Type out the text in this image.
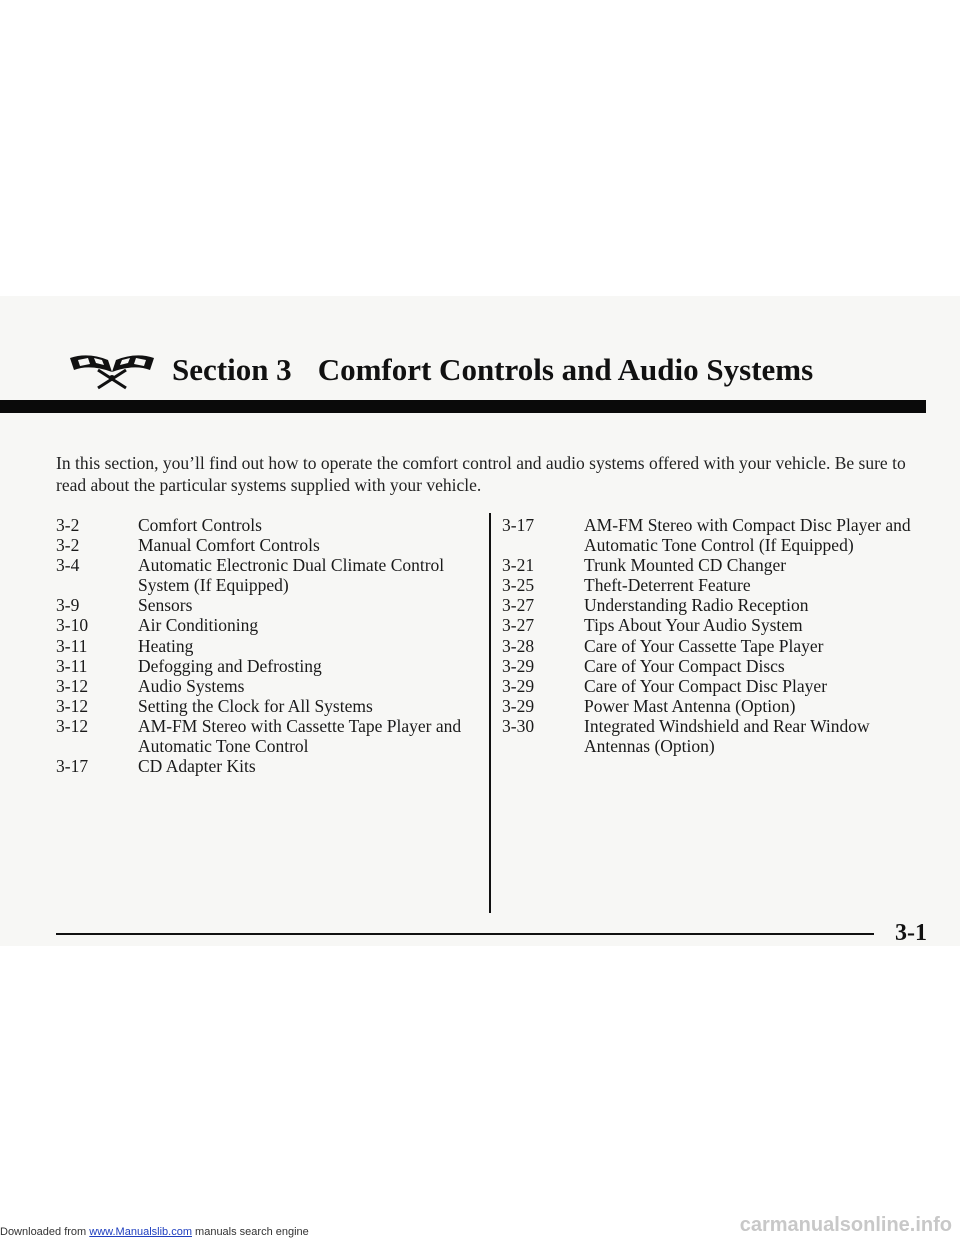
Section 3 Comfort Controls and Audio Systems
In this section, you’ll find out how to operate the comfort control and audio systems offered with your vehicle. Be sure to read about the particular systems supplied with your vehicle.
3-2	Comfort Controls
3-2	Manual Comfort Controls
3-4	Automatic Electronic Dual Climate Control
System (If Equipped)
3-9	Sensors
3-10	Air Conditioning
3-11	Heating
3-11	Defogging and Defrosting
3-12	Audio Systems
3-12	Setting the Clock for All Systems
3-12	AM-FM Stereo with Cassette Tape Player and
Automatic Tone Control
3-17	CD Adapter Kits
3-17	AM-FM Stereo with Compact Disc Player and
Automatic Tone Control (If Equipped)
3-21	Trunk Mounted CD Changer
3-25	Theft-Deterrent Feature
3-27	Understanding Radio Reception
3-27	Tips About Your Audio System
3-28	Care of Your Cassette Tape Player
3-29	Care of Your Compact Discs
3-29	Care of Your Compact Disc Player
3-29	Power Mast Antenna (Option)
3-30	Integrated Windshield and Rear Window
Antennas (Option)
3-1
Downloaded from www.Manualslib.com manuals search engine	carmanualsonline.info
